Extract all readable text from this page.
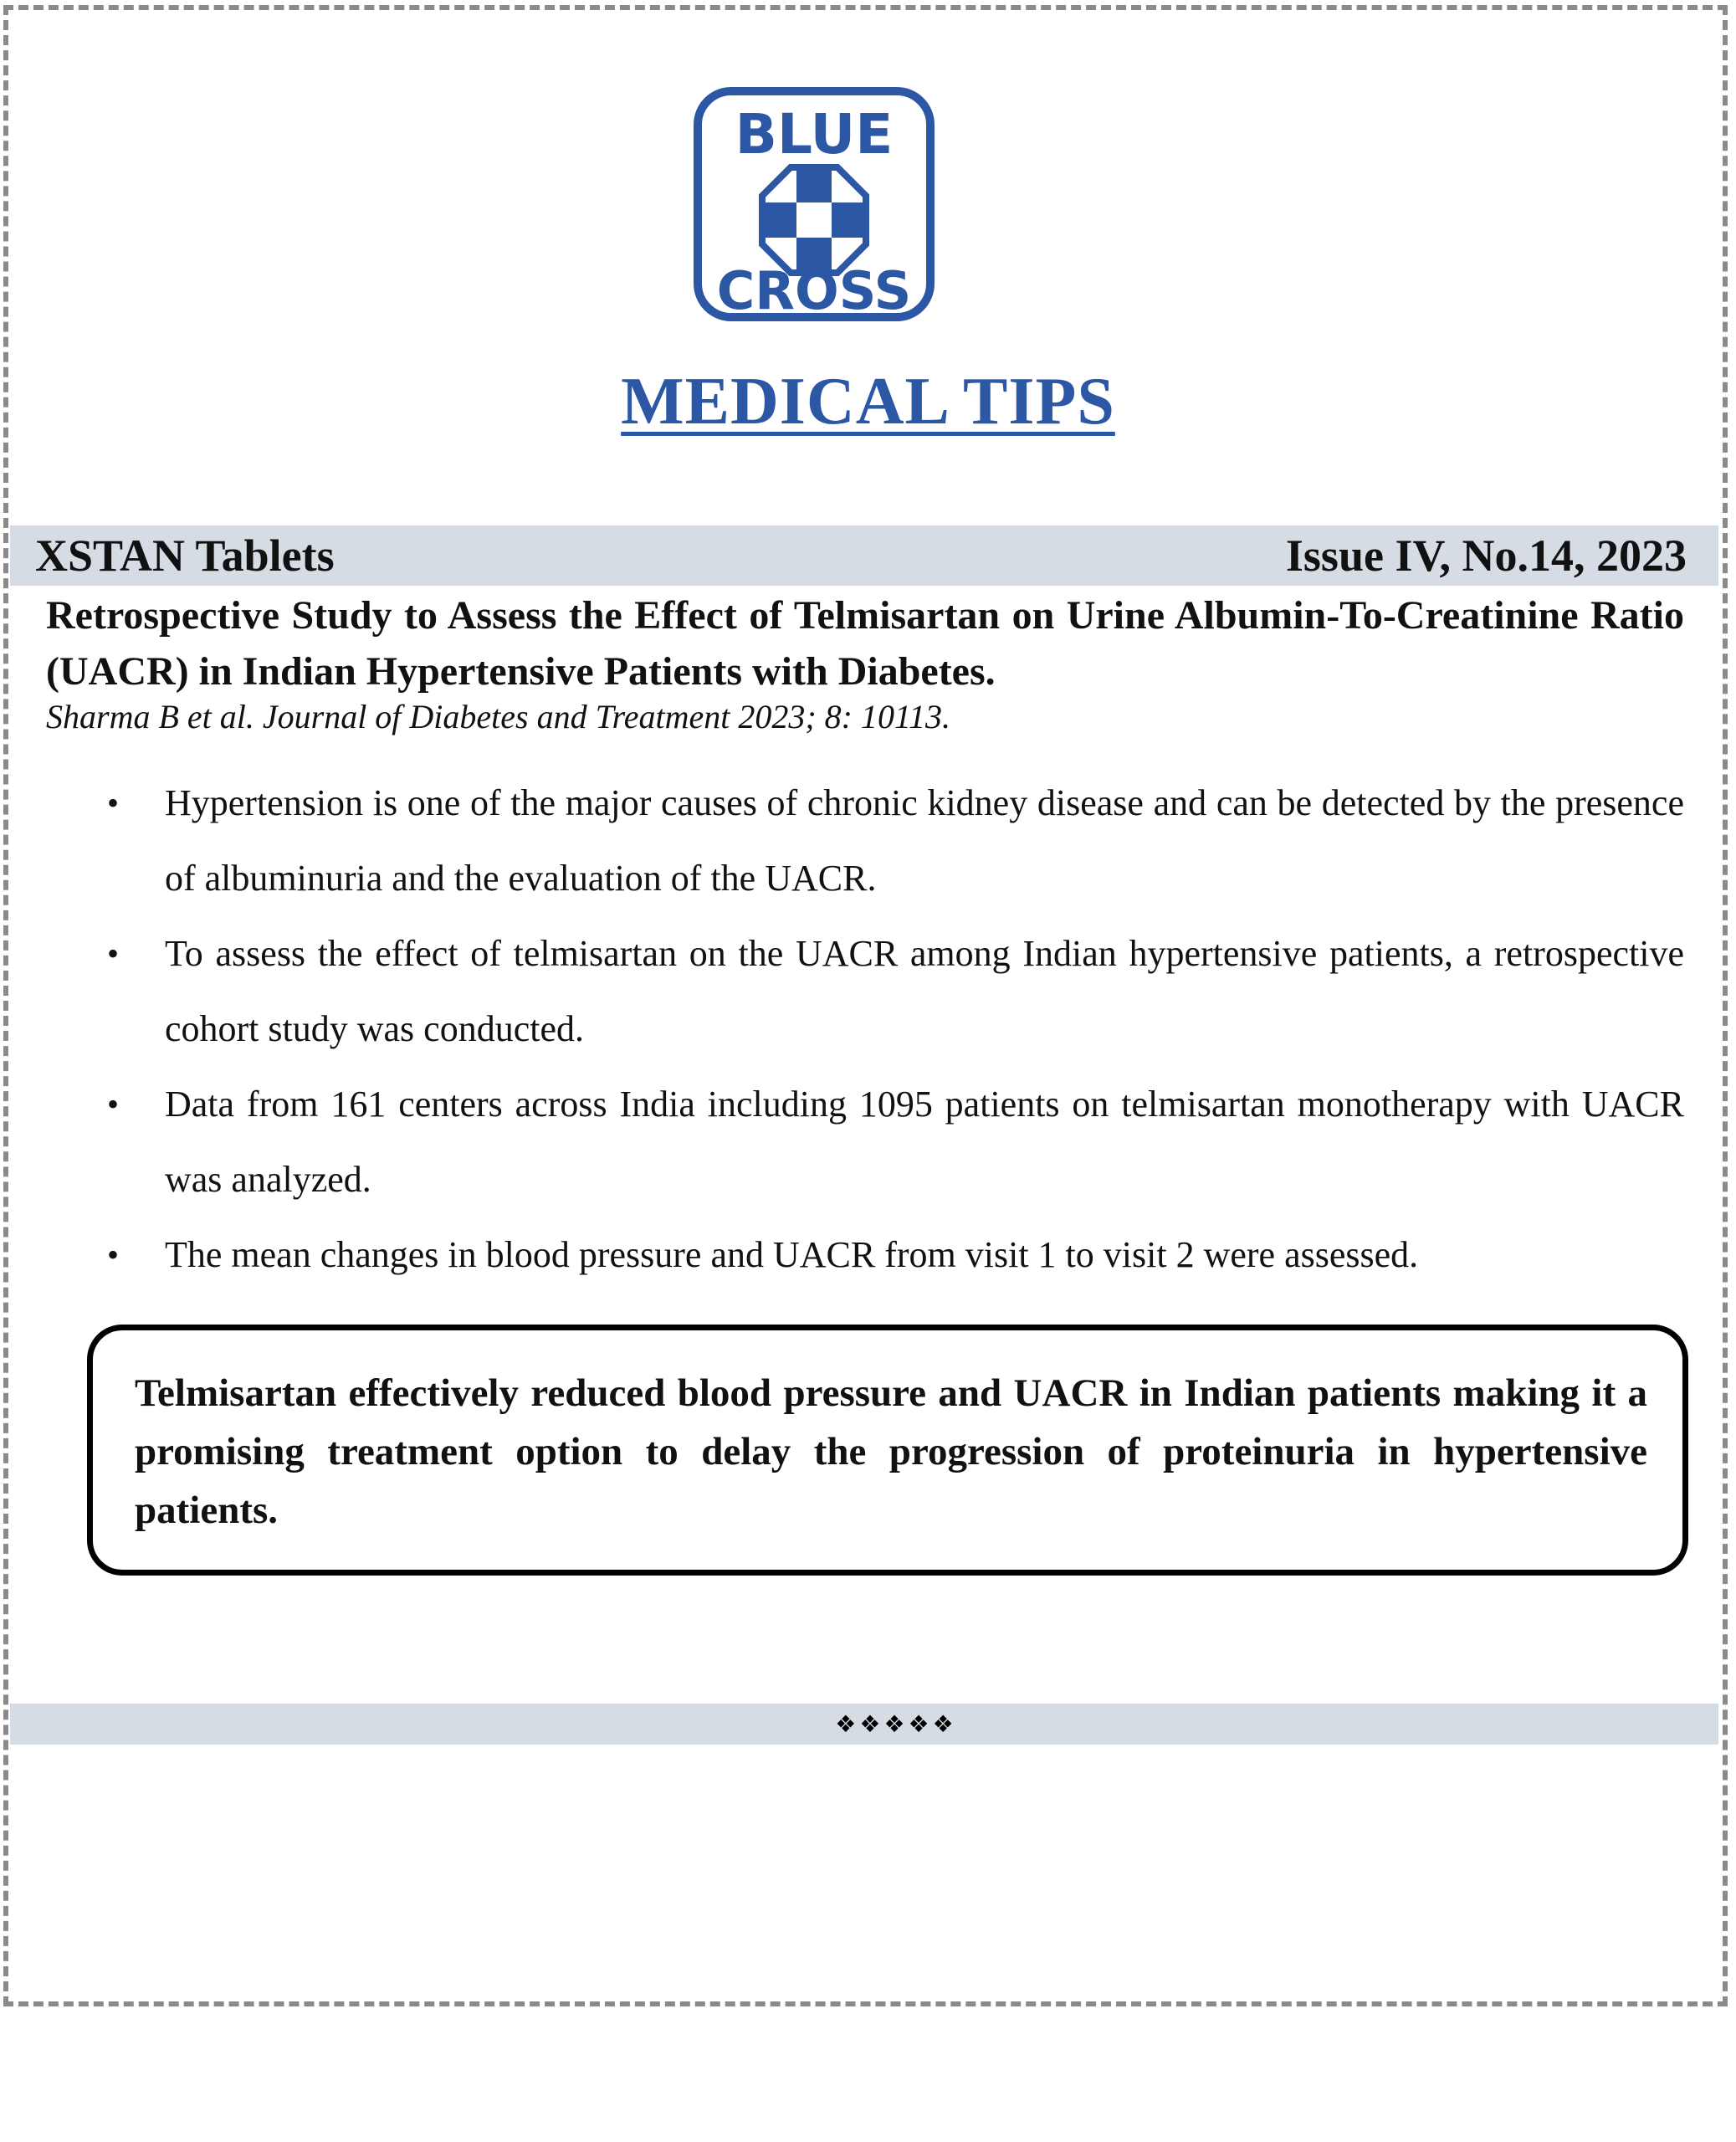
BLUE
CROSS
MEDICAL TIPS
XSTAN Tablets	Issue IV, No.14, 2023
Retrospective Study to Assess the Effect of Telmisartan on Urine Albumin-To-Creatinine Ratio (UACR) in Indian Hypertensive Patients with Diabetes.
Sharma B et al. Journal of Diabetes and Treatment 2023; 8: 10113.
• Hypertension is one of the major causes of chronic kidney disease and can be detected by the presence of albuminuria and the evaluation of the UACR.
• To assess the effect of telmisartan on the UACR among Indian hypertensive patients, a retrospective cohort study was conducted.
• Data from 161 centers across India including 1095 patients on telmisartan monotherapy with UACR was analyzed.
• The mean changes in blood pressure and UACR from visit 1 to visit 2 were assessed.
Telmisartan effectively reduced blood pressure and UACR in Indian patients making it a promising treatment option to delay the progression of proteinuria in hypertensive patients.
❖❖❖❖❖
